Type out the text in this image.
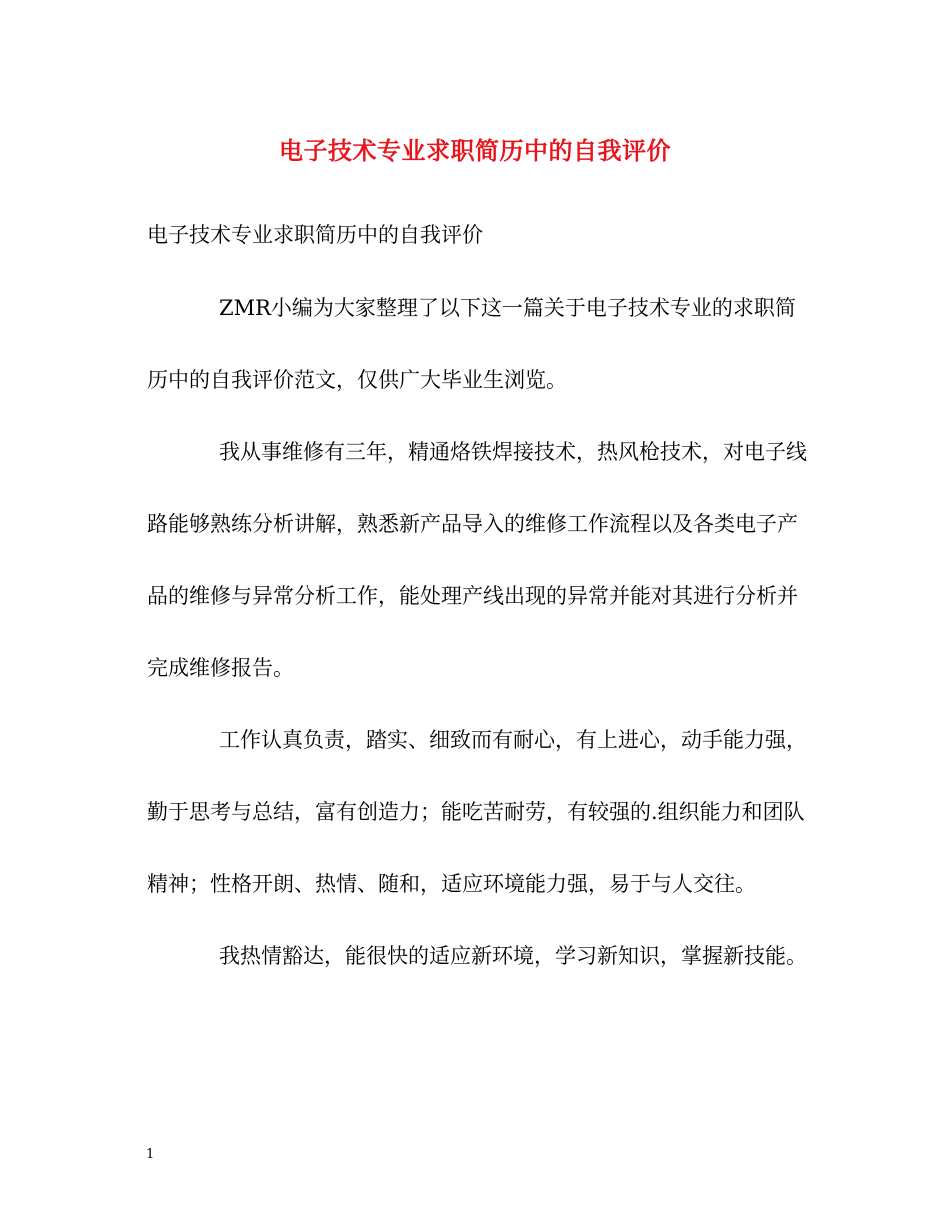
电子技术专业求职简历中的自我评价

电子技术专业求职简历中的自我评价

ZMR小编为大家整理了以下这一篇关于电子技术专业的求职简历中的自我评价范文，仅供广大毕业生浏览。

我从事维修有三年，精通烙铁焊接技术，热风枪技术，对电子线路能够熟练分析讲解，熟悉新产品导入的维修工作流程以及各类电子产品的维修与异常分析工作，能处理产线出现的异常并能对其进行分析并完成维修报告。

工作认真负责，踏实、细致而有耐心，有上进心，动手能力强，勤于思考与总结，富有创造力；能吃苦耐劳，有较强的.组织能力和团队精神；性格开朗、热情、随和，适应环境能力强，易于与人交往。

我热情豁达，能很快的适应新环境，学习新知识，掌握新技能。

1
